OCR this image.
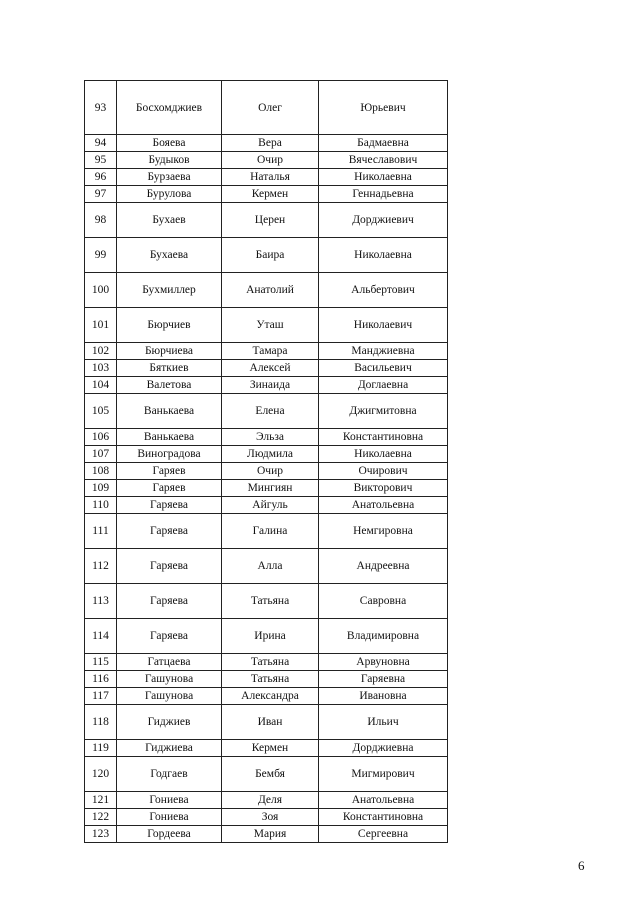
93	Босхомджиев	Олег	Юрьевич
94	Бояева	Вера	Бадмаевна
95	Будыков	Очир	Вячеславович
96	Бурзаева	Наталья	Николаевна
97	Бурулова	Кермен	Геннадьевна
98	Бухаев	Церен	Дорджиевич
99	Бухаева	Баира	Николаевна
100	Бухмиллер	Анатолий	Альбертович
101	Бюрчиев	Уташ	Николаевич
102	Бюрчиева	Тамара	Манджиевна
103	Бяткиев	Алексей	Васильевич
104	Валетова	Зинаида	Доглаевна
105	Ванькаева	Елена	Джигмитовна
106	Ванькаева	Эльза	Константиновна
107	Виноградова	Людмила	Николаевна
108	Гаряев	Очир	Очирович
109	Гаряев	Мингиян	Викторович
110	Гаряева	Айгуль	Анатольевна
111	Гаряева	Галина	Немгировна
112	Гаряева	Алла	Андреевна
113	Гаряева	Татьяна	Савровна
114	Гаряева	Ирина	Владимировна
115	Гатцаева	Татьяна	Арвуновна
116	Гашунова	Татьяна	Гаряевна
117	Гашунова	Александра	Ивановна
118	Гиджиев	Иван	Ильич
119	Гиджиева	Кермен	Дорджиевна
120	Годгаев	Бембя	Мигмирович
121	Гониева	Деля	Анатольевна
122	Гониева	Зоя	Константиновна
123	Гордеева	Мария	Сергеевна
6
